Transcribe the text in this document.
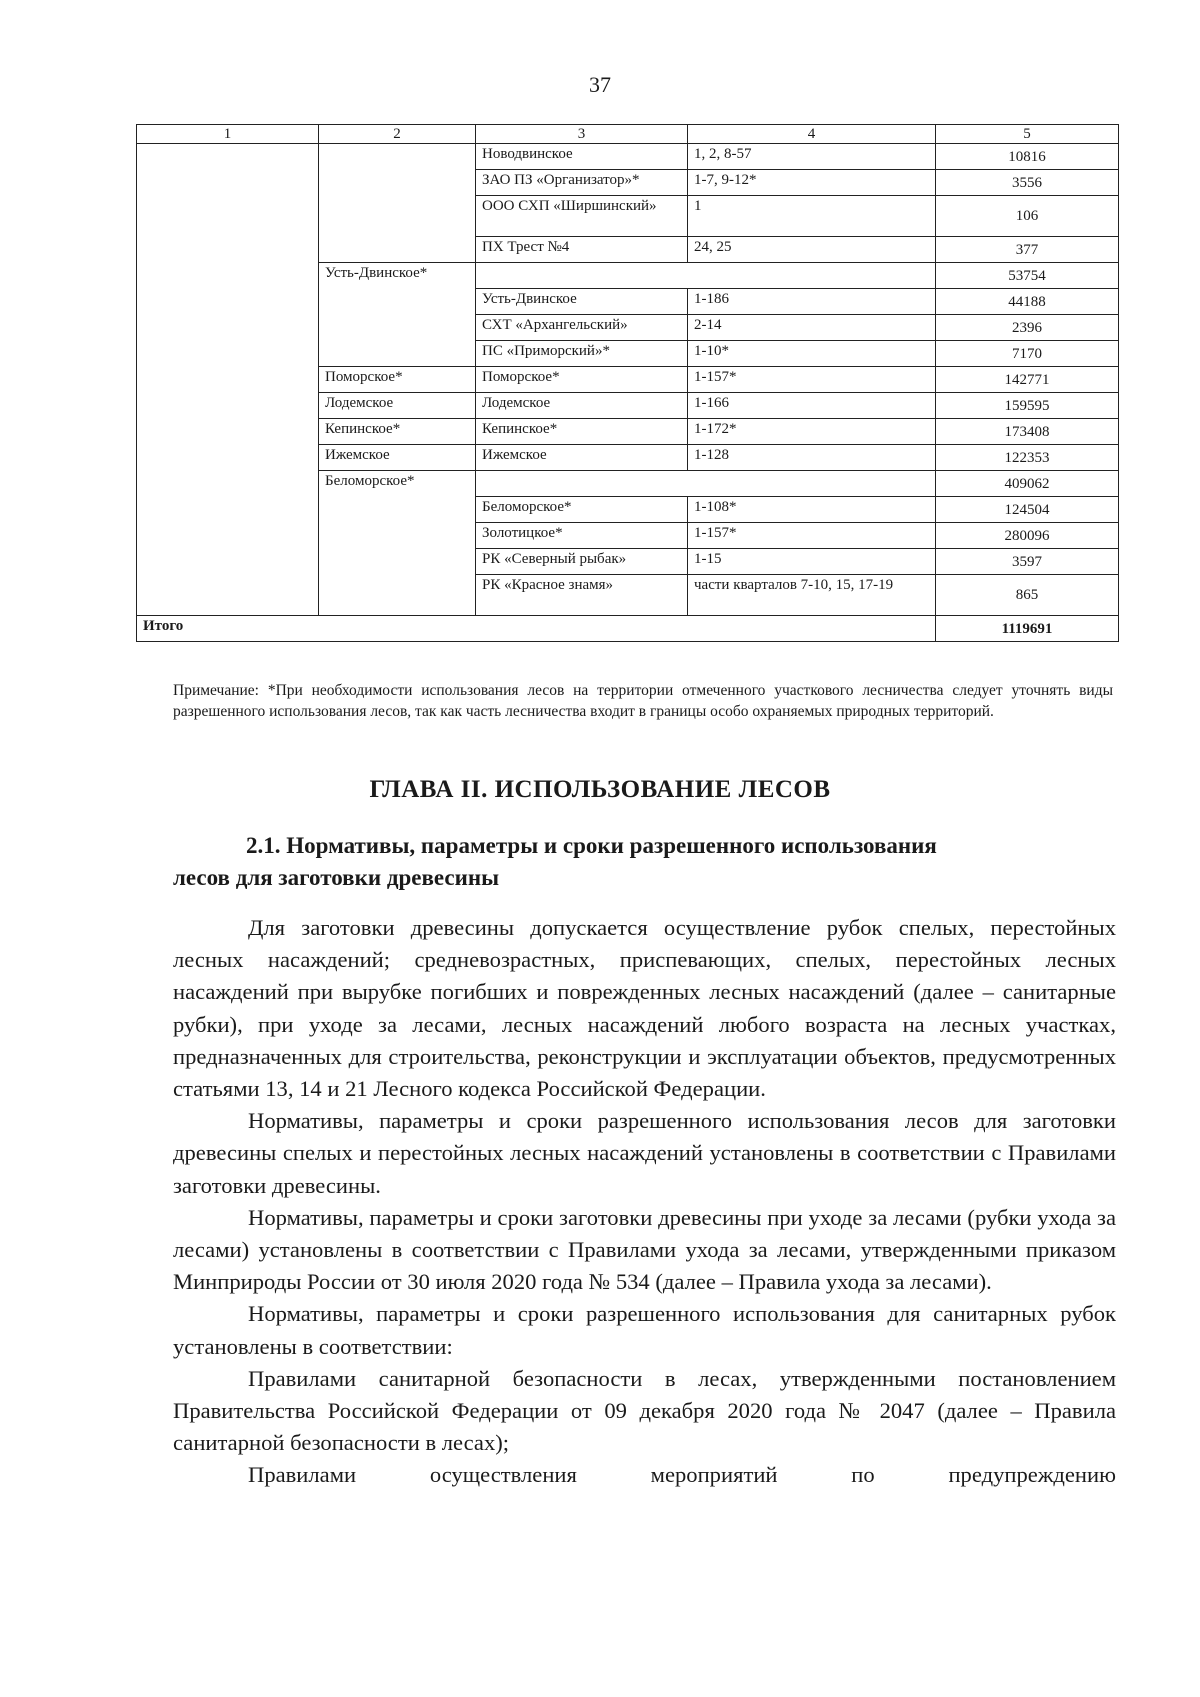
37
1	2	3	4	5
		Новодвинское	1, 2, 8-57	10816
		ЗАО ПЗ «Организатор»*	1-7, 9-12*	3556
		ООО СХП «Ширшинский»	1	106
		ПХ Трест №4	24, 25	377
	Усть-Двинское*			53754
		Усть-Двинское	1-186	44188
		СХТ «Архангельский»	2-14	2396
		ПС «Приморский»*	1-10*	7170
	Поморское*	Поморское*	1-157*	142771
	Лодемское	Лодемское	1-166	159595
	Кепинское*	Кепинское*	1-172*	173408
	Ижемское	Ижемское	1-128	122353
	Беломорское*			409062
		Беломорское*	1-108*	124504
		Золотицкое*	1-157*	280096
		РК «Северный рыбак»	1-15	3597
		РК «Красное знамя»	части кварталов 7-10, 15, 17-19	865
Итого				1119691
Примечание: *При необходимости использования лесов на территории отмеченного участкового лесничества следует уточнять виды разрешенного использования лесов, так как часть лесничества входит в границы особо охраняемых природных территорий.
ГЛАВА II. ИСПОЛЬЗОВАНИЕ ЛЕСОВ
2.1. Нормативы, параметры и сроки разрешенного использования
лесов для заготовки древесины

Для заготовки древесины допускается осуществление рубок спелых, перестойных лесных насаждений; средневозрастных, приспевающих, спелых, перестойных лесных насаждений при вырубке погибших и поврежденных лесных насаждений (далее – санитарные рубки), при уходе за лесами, лесных насаждений любого возраста на лесных участках, предназначенных для строительства, реконструкции и эксплуатации объектов, предусмотренных статьями 13, 14 и 21 Лесного кодекса Российской Федерации.

Нормативы, параметры и сроки разрешенного использования лесов для заготовки древесины спелых и перестойных лесных насаждений установлены в соответствии с Правилами заготовки древесины.

Нормативы, параметры и сроки заготовки древесины при уходе за лесами (рубки ухода за лесами) установлены в соответствии с Правилами ухода за лесами, утвержденными приказом Минприроды России от 30 июля 2020 года № 534 (далее – Правила ухода за лесами).

Нормативы, параметры и сроки разрешенного использования для санитарных рубок установлены в соответствии:

Правилами санитарной безопасности в лесах, утвержденными постановлением Правительства Российской Федерации от 09 декабря 2020 года № 2047 (далее – Правила санитарной безопасности в лесах);

Правилами осуществления мероприятий по предупреждению
